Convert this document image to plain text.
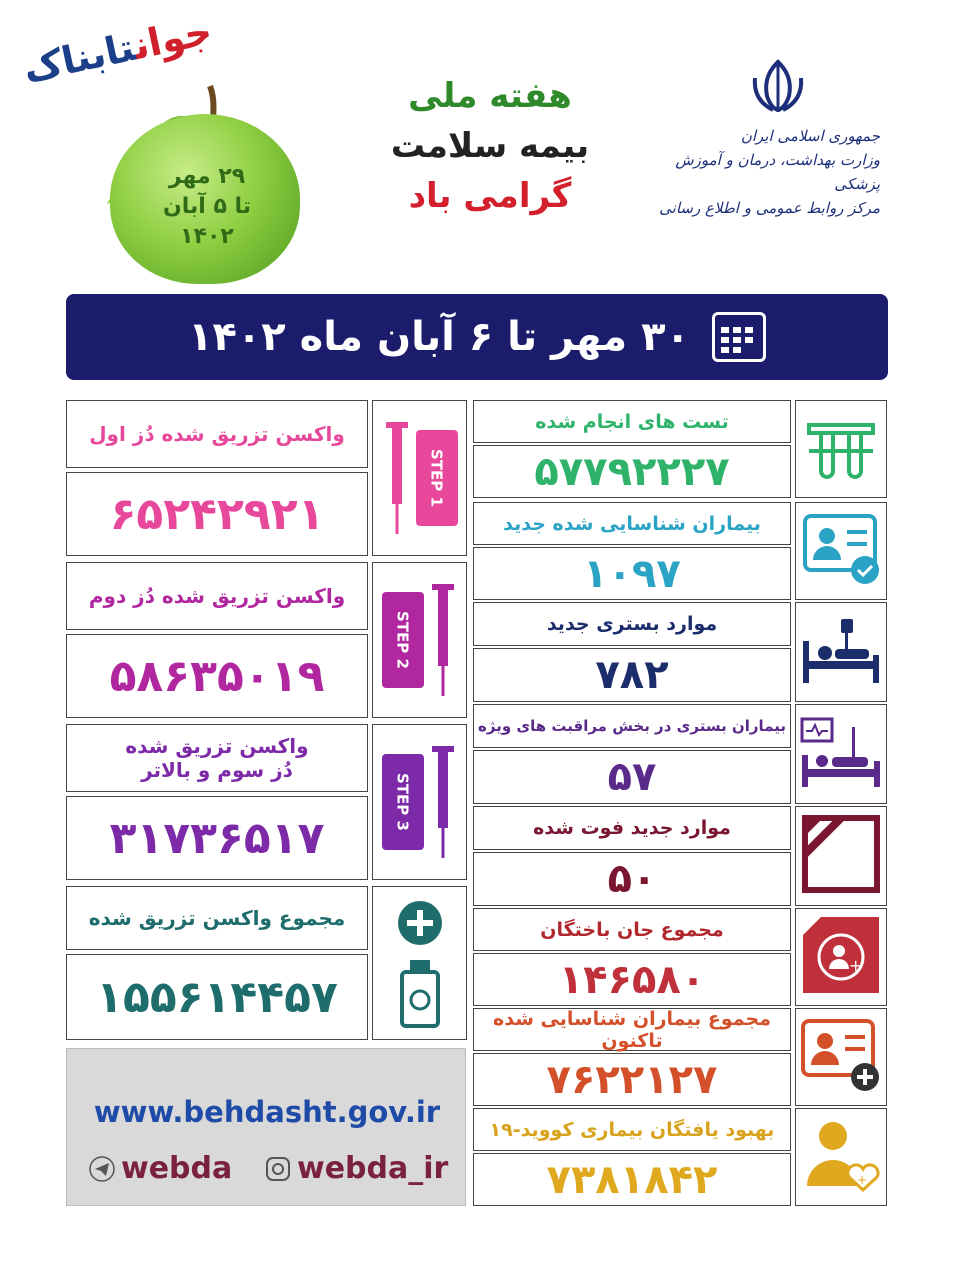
جوانتابناک
۲۹ مهر
تا ۵ آبان
۱۴۰۲
هفته ملی
بیمه سلامت
گرامی باد
جمهوری اسلامی ایران
وزارت بهداشت، درمان و آموزش پزشکی
مرکز روابط عمومی و اطلاع رسانی
۳۰ مهر تا ۶ آبان ماه ۱۴۰۲
واکسن تزریق شده دُز اول
۶۵۲۴۲۹۲۱
STEP 1
واکسن تزریق شده دُز دوم
۵۸۶۳۵۰۱۹
STEP 2
واکسن تزریق شده
دُز سوم و بالاتر
۳۱۷۳۶۵۱۷
STEP 3
مجموع واکسن تزریق شده
۱۵۵۶۱۴۴۵۷
www.behdasht.gov.ir
webda webda_ir
تست های انجام شده
۵۷۷۹۲۲۲۷
بیماران شناسایی شده جدید
۱۰۹۷
موارد بستری جدید
۷۸۲
بیماران بستری در بخش مراقبت های ویژه
۵۷
موارد جدید فوت شده
۵۰
مجموع جان باختگان
۱۴۶۵۸۰	+
مجموع بیماران شناسایی شده تاکنون
۷۶۲۲۱۲۷
بهبود یافتگان بیماری کووید-۱۹
۷۳۸۱۸۴۲	+
